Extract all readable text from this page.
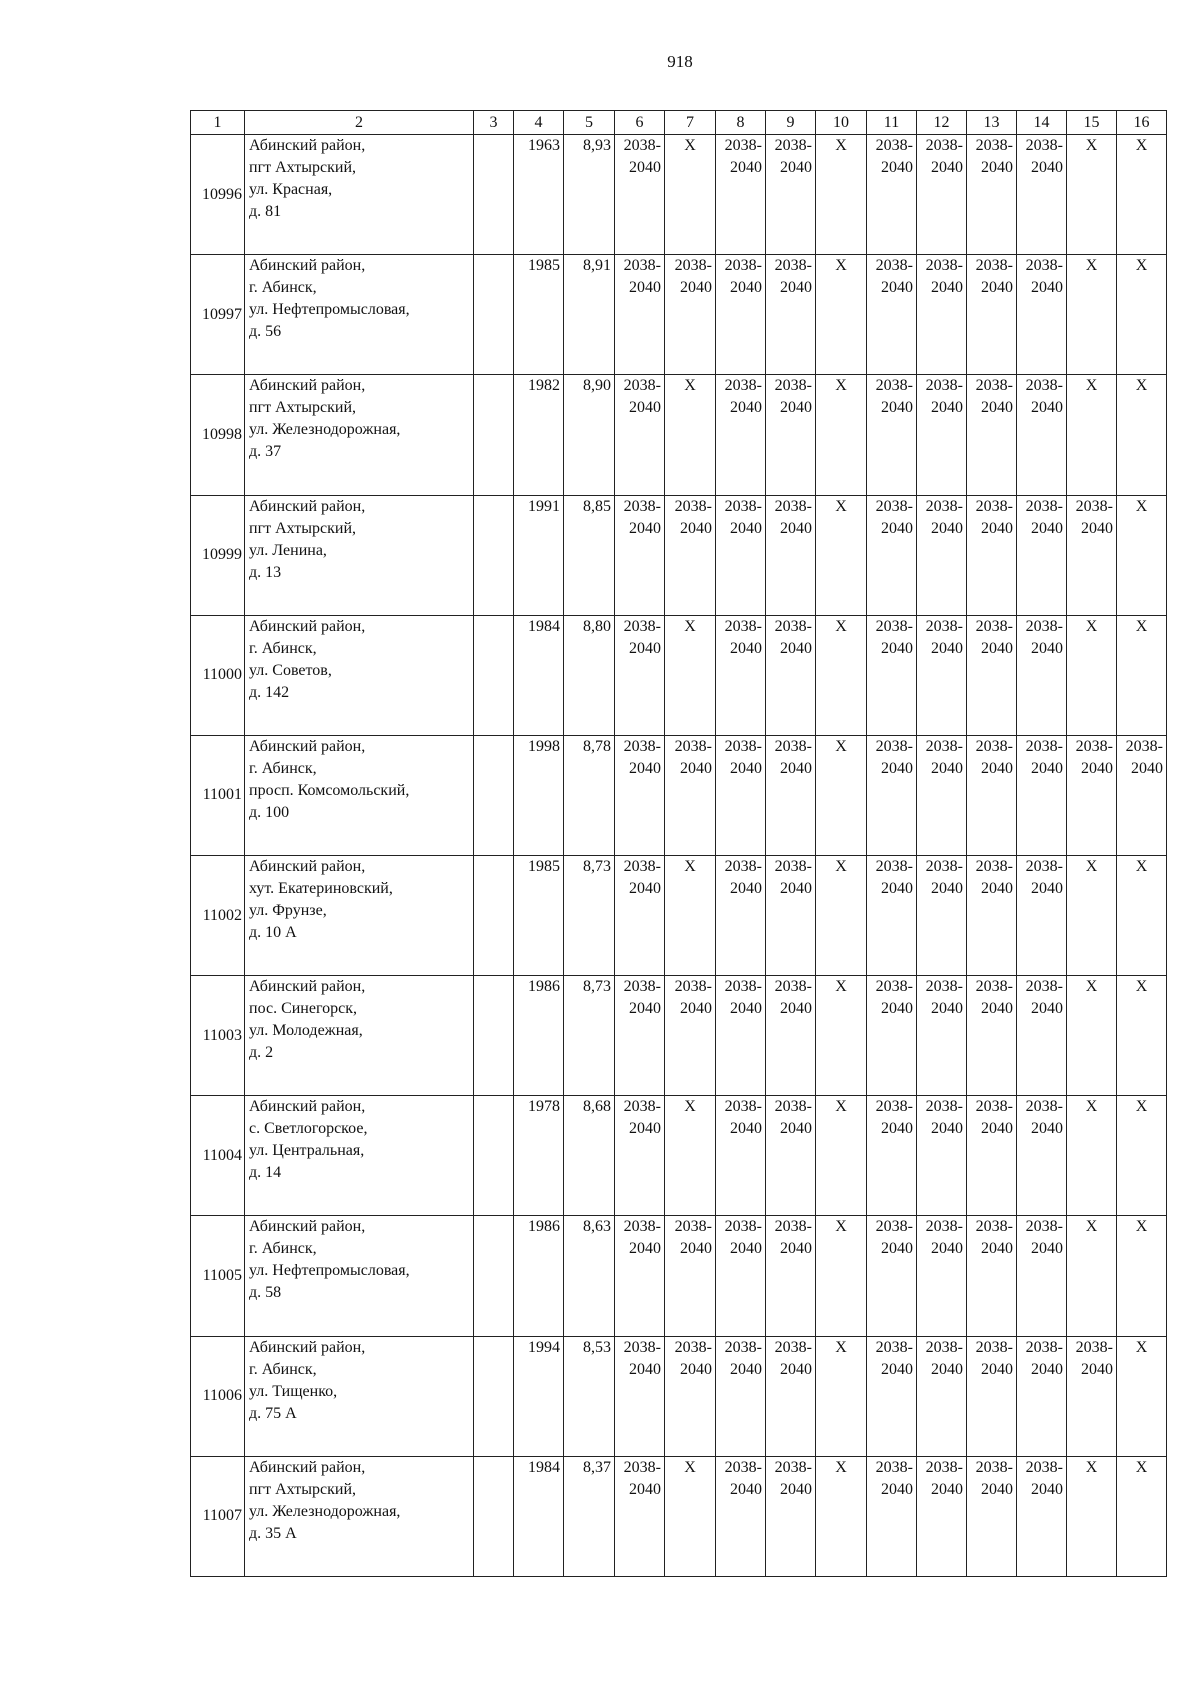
918
1	2	3	4	5	6	7	8	9	10	11	12	13	14	15	16
10996	Абинский район,
пгт Ахтырский,
ул. Красная,
д. 81		1963	8,93	2038-
2040	Х	2038-
2040	2038-
2040	Х	2038-
2040	2038-
2040	2038-
2040	2038-
2040	Х	Х
10997	Абинский район,
г. Абинск,
ул. Нефтепромысловая,
д. 56		1985	8,91	2038-
2040	2038-
2040	2038-
2040	2038-
2040	Х	2038-
2040	2038-
2040	2038-
2040	2038-
2040	Х	Х
10998	Абинский район,
пгт Ахтырский,
ул. Железнодорожная,
д. 37		1982	8,90	2038-
2040	Х	2038-
2040	2038-
2040	Х	2038-
2040	2038-
2040	2038-
2040	2038-
2040	Х	Х
10999	Абинский район,
пгт Ахтырский,
ул. Ленина,
д. 13		1991	8,85	2038-
2040	2038-
2040	2038-
2040	2038-
2040	Х	2038-
2040	2038-
2040	2038-
2040	2038-
2040	2038-
2040	Х
11000	Абинский район,
г. Абинск,
ул. Советов,
д. 142		1984	8,80	2038-
2040	Х	2038-
2040	2038-
2040	Х	2038-
2040	2038-
2040	2038-
2040	2038-
2040	Х	Х
11001	Абинский район,
г. Абинск,
просп. Комсомольский,
д. 100		1998	8,78	2038-
2040	2038-
2040	2038-
2040	2038-
2040	Х	2038-
2040	2038-
2040	2038-
2040	2038-
2040	2038-
2040	2038-
2040

11002	Абинский район,
хут. Екатериновский,
ул. Фрунзе,
д. 10 А		1985	8,73	2038-
2040	Х	2038-
2040	2038-
2040	Х	2038-
2040	2038-
2040	2038-
2040	2038-
2040	Х	Х
11003	Абинский район,
пос. Синегорск,
ул. Молодежная,
д. 2		1986	8,73	2038-
2040	2038-
2040	2038-
2040	2038-
2040	Х	2038-
2040	2038-
2040	2038-
2040	2038-
2040	Х	Х
11004	Абинский район,
с. Светлогорское,
ул. Центральная,
д. 14		1978	8,68	2038-
2040	Х	2038-
2040	2038-
2040	Х	2038-
2040	2038-
2040	2038-
2040	2038-
2040	Х	Х
11005	Абинский район,
г. Абинск,
ул. Нефтепромысловая,
д. 58		1986	8,63	2038-
2040	2038-
2040	2038-
2040	2038-
2040	Х	2038-
2040	2038-
2040	2038-
2040	2038-
2040	Х	Х
11006	Абинский район,
г. Абинск,
ул. Тищенко,
д. 75 А		1994	8,53	2038-
2040	2038-
2040	2038-
2040	2038-
2040	Х	2038-
2040	2038-
2040	2038-
2040	2038-
2040	2038-
2040	Х
11007	Абинский район,
пгт Ахтырский,
ул. Железнодорожная,
д. 35 А		1984	8,37	2038-
2040	Х	2038-
2040	2038-
2040	Х	2038-
2040	2038-
2040	2038-
2040	2038-
2040	Х	Х
